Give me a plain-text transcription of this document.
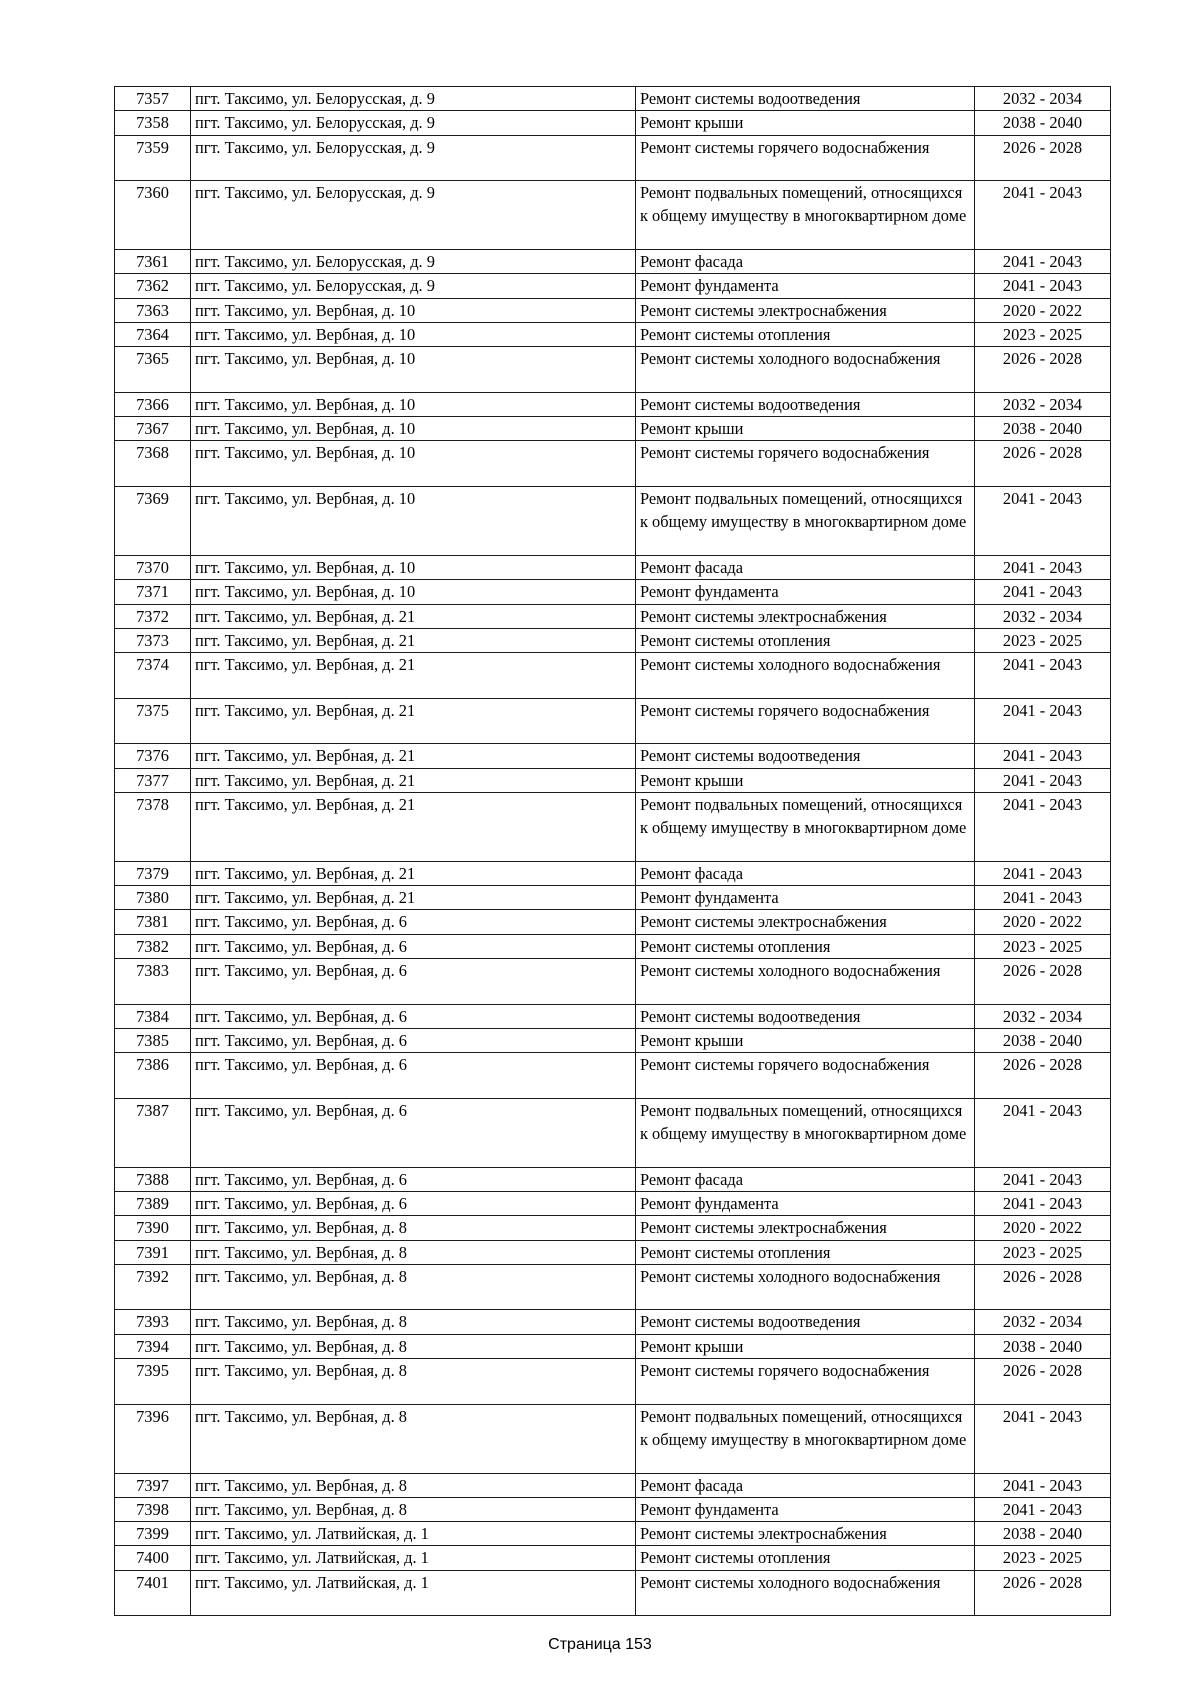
7357	пгт. Таксимо, ул. Белорусская, д. 9	Ремонт системы водоотведения	2032 - 2034
7358	пгт. Таксимо, ул. Белорусская, д. 9	Ремонт крыши	2038 - 2040
7359	пгт. Таксимо, ул. Белорусская, д. 9	Ремонт системы горячего водоснабжения	2026 - 2028
7360	пгт. Таксимо, ул. Белорусская, д. 9	Ремонт подвальных помещений, относящихся к общему имуществу в многоквартирном доме	2041 - 2043
7361	пгт. Таксимо, ул. Белорусская, д. 9	Ремонт фасада	2041 - 2043
7362	пгт. Таксимо, ул. Белорусская, д. 9	Ремонт фундамента	2041 - 2043
7363	пгт. Таксимо, ул. Вербная, д. 10	Ремонт системы электроснабжения	2020 - 2022
7364	пгт. Таксимо, ул. Вербная, д. 10	Ремонт системы отопления	2023 - 2025
7365	пгт. Таксимо, ул. Вербная, д. 10	Ремонт системы холодного водоснабжения	2026 - 2028
7366	пгт. Таксимо, ул. Вербная, д. 10	Ремонт системы водоотведения	2032 - 2034
7367	пгт. Таксимо, ул. Вербная, д. 10	Ремонт крыши	2038 - 2040
7368	пгт. Таксимо, ул. Вербная, д. 10	Ремонт системы горячего водоснабжения	2026 - 2028
7369	пгт. Таксимо, ул. Вербная, д. 10	Ремонт подвальных помещений, относящихся к общему имуществу в многоквартирном доме	2041 - 2043
7370	пгт. Таксимо, ул. Вербная, д. 10	Ремонт фасада	2041 - 2043
7371	пгт. Таксимо, ул. Вербная, д. 10	Ремонт фундамента	2041 - 2043
7372	пгт. Таксимо, ул. Вербная, д. 21	Ремонт системы электроснабжения	2032 - 2034
7373	пгт. Таксимо, ул. Вербная, д. 21	Ремонт системы отопления	2023 - 2025
7374	пгт. Таксимо, ул. Вербная, д. 21	Ремонт системы холодного водоснабжения	2041 - 2043
7375	пгт. Таксимо, ул. Вербная, д. 21	Ремонт системы горячего водоснабжения	2041 - 2043
7376	пгт. Таксимо, ул. Вербная, д. 21	Ремонт системы водоотведения	2041 - 2043
7377	пгт. Таксимо, ул. Вербная, д. 21	Ремонт крыши	2041 - 2043
7378	пгт. Таксимо, ул. Вербная, д. 21	Ремонт подвальных помещений, относящихся к общему имуществу в многоквартирном доме	2041 - 2043
7379	пгт. Таксимо, ул. Вербная, д. 21	Ремонт фасада	2041 - 2043
7380	пгт. Таксимо, ул. Вербная, д. 21	Ремонт фундамента	2041 - 2043
7381	пгт. Таксимо, ул. Вербная, д. 6	Ремонт системы электроснабжения	2020 - 2022
7382	пгт. Таксимо, ул. Вербная, д. 6	Ремонт системы отопления	2023 - 2025
7383	пгт. Таксимо, ул. Вербная, д. 6	Ремонт системы холодного водоснабжения	2026 - 2028
7384	пгт. Таксимо, ул. Вербная, д. 6	Ремонт системы водоотведения	2032 - 2034
7385	пгт. Таксимо, ул. Вербная, д. 6	Ремонт крыши	2038 - 2040
7386	пгт. Таксимо, ул. Вербная, д. 6	Ремонт системы горячего водоснабжения	2026 - 2028
7387	пгт. Таксимо, ул. Вербная, д. 6	Ремонт подвальных помещений, относящихся к общему имуществу в многоквартирном доме	2041 - 2043
7388	пгт. Таксимо, ул. Вербная, д. 6	Ремонт фасада	2041 - 2043
7389	пгт. Таксимо, ул. Вербная, д. 6	Ремонт фундамента	2041 - 2043
7390	пгт. Таксимо, ул. Вербная, д. 8	Ремонт системы электроснабжения	2020 - 2022
7391	пгт. Таксимо, ул. Вербная, д. 8	Ремонт системы отопления	2023 - 2025
7392	пгт. Таксимо, ул. Вербная, д. 8	Ремонт системы холодного водоснабжения	2026 - 2028
7393	пгт. Таксимо, ул. Вербная, д. 8	Ремонт системы водоотведения	2032 - 2034
7394	пгт. Таксимо, ул. Вербная, д. 8	Ремонт крыши	2038 - 2040
7395	пгт. Таксимо, ул. Вербная, д. 8	Ремонт системы горячего водоснабжения	2026 - 2028
7396	пгт. Таксимо, ул. Вербная, д. 8	Ремонт подвальных помещений, относящихся к общему имуществу в многоквартирном доме	2041 - 2043
7397	пгт. Таксимо, ул. Вербная, д. 8	Ремонт фасада	2041 - 2043
7398	пгт. Таксимо, ул. Вербная, д. 8	Ремонт фундамента	2041 - 2043
7399	пгт. Таксимо, ул. Латвийская, д. 1	Ремонт системы электроснабжения	2038 - 2040
7400	пгт. Таксимо, ул. Латвийская, д. 1	Ремонт системы отопления	2023 - 2025
7401	пгт. Таксимо, ул. Латвийская, д. 1	Ремонт системы холодного водоснабжения	2026 - 2028
Страница 153
